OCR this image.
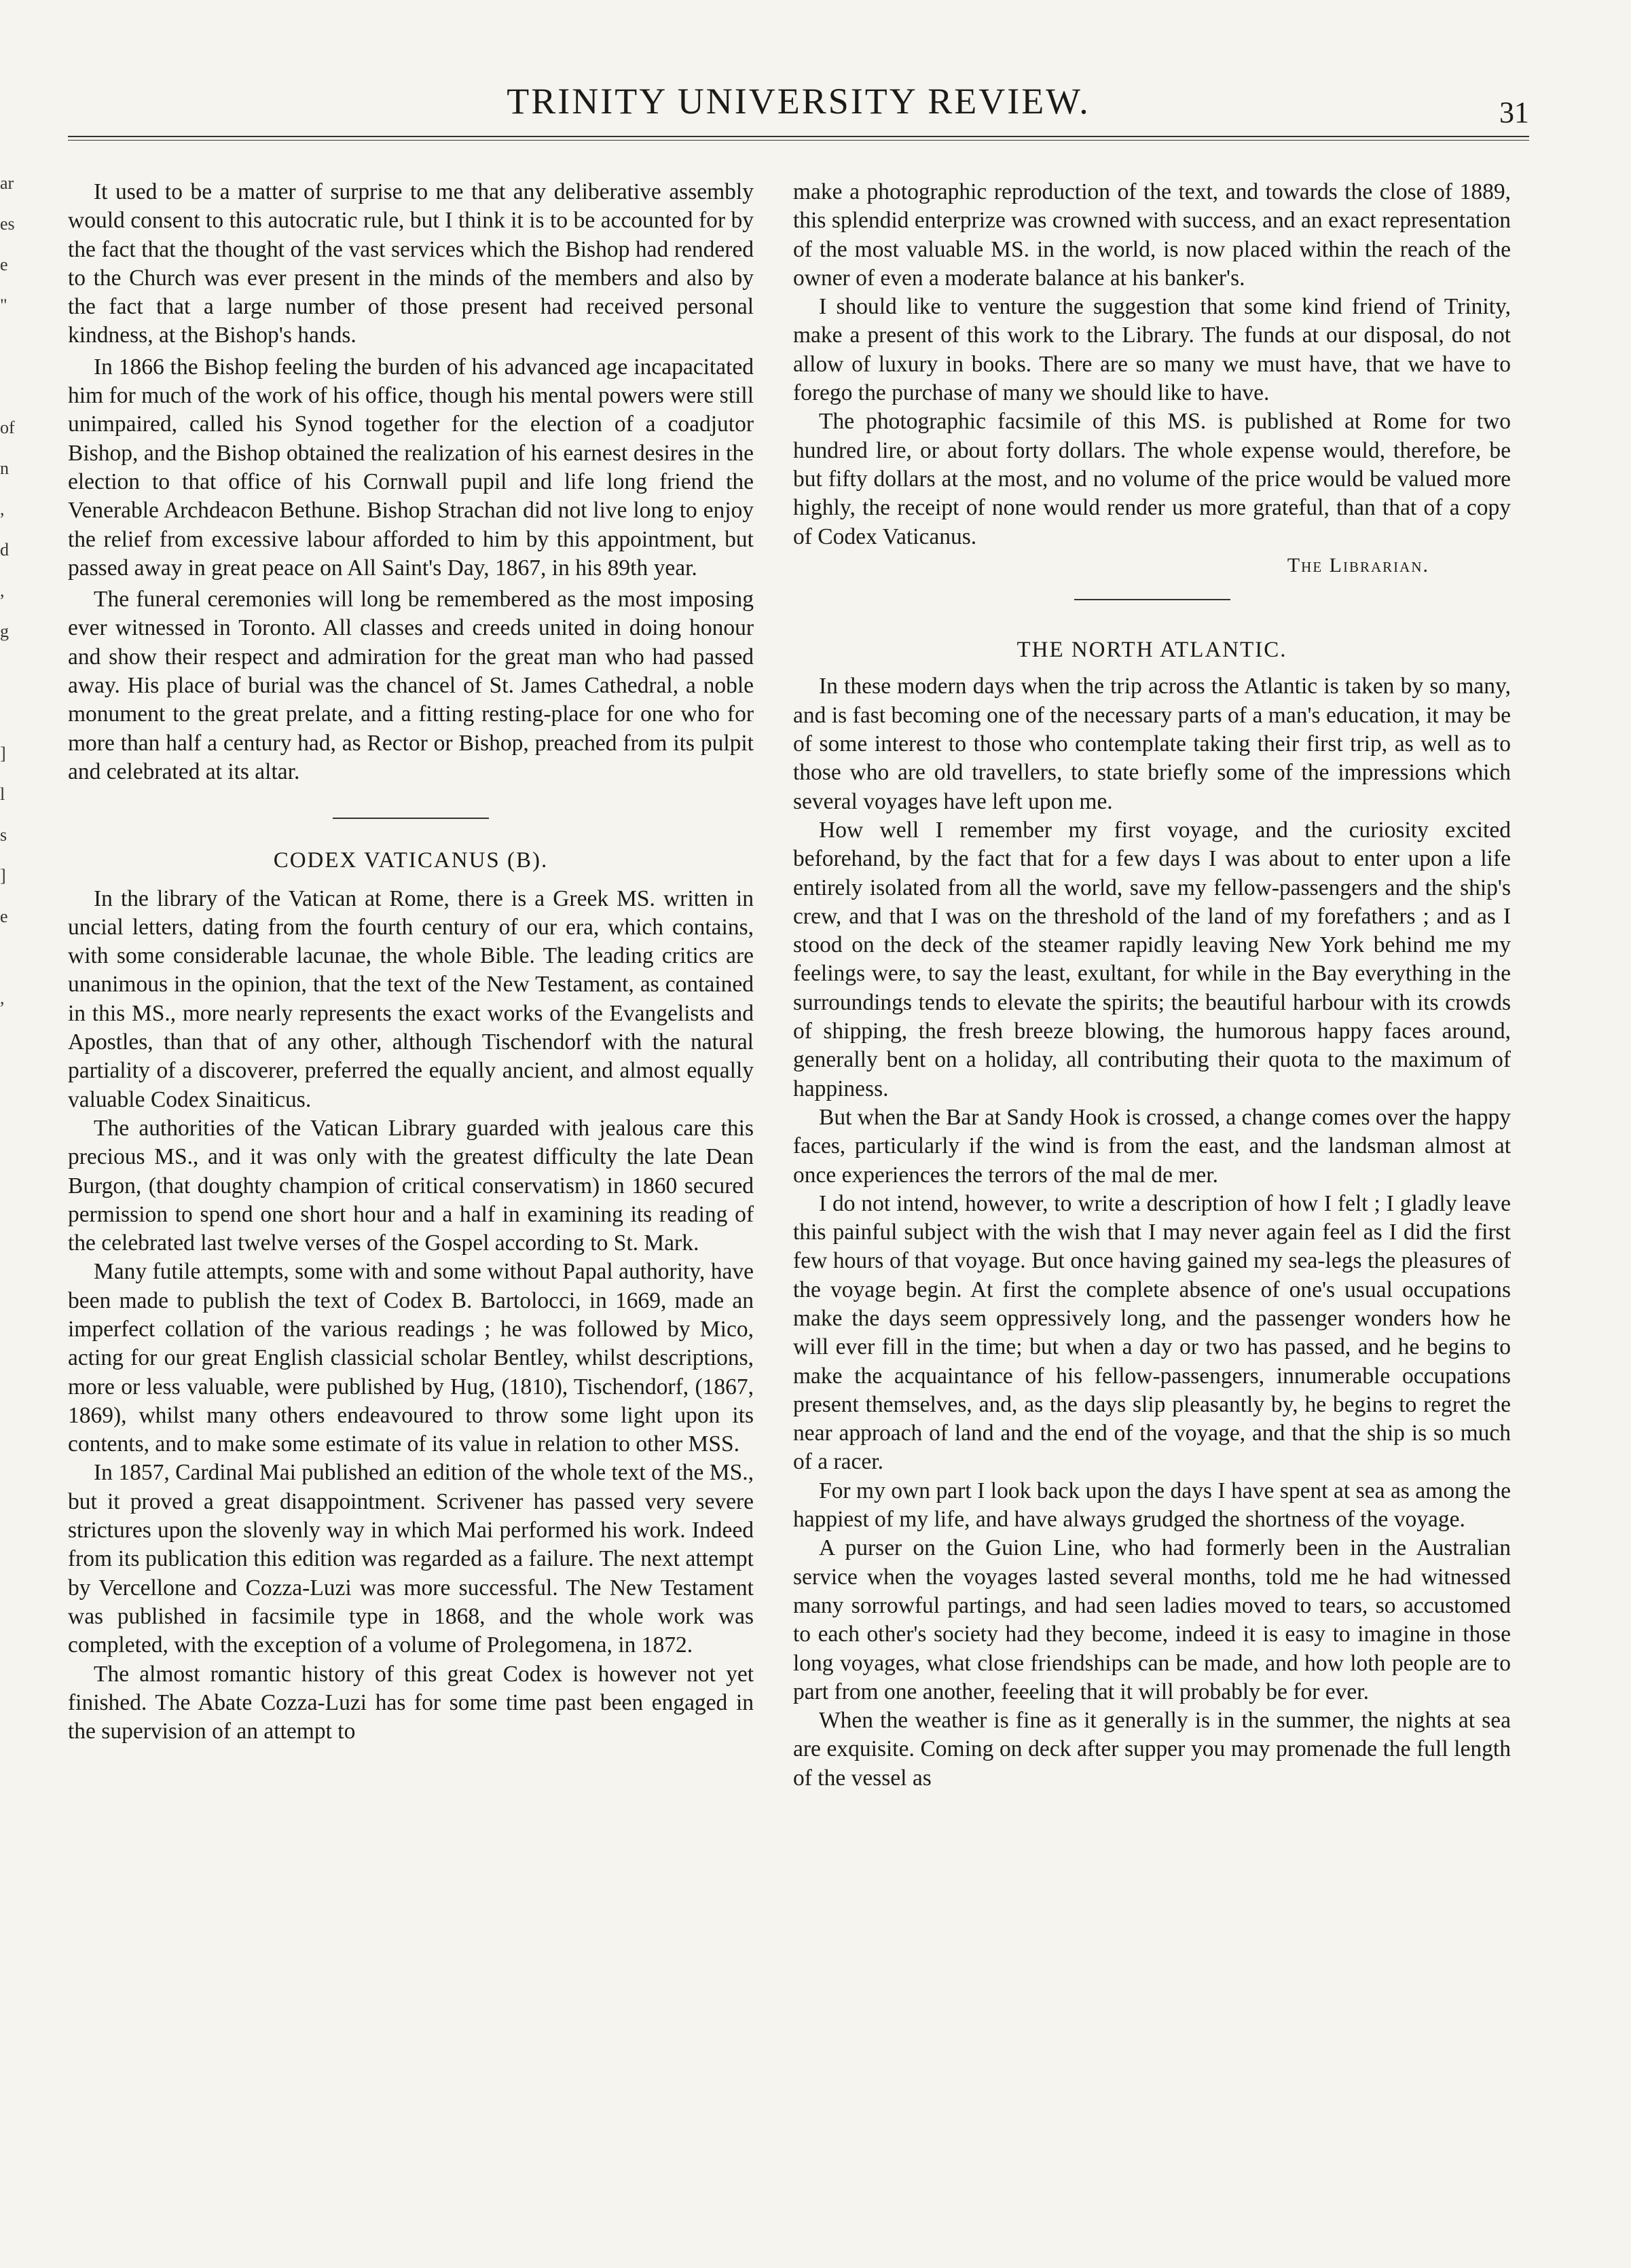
ar
es
e
"

of
n
,
d
,
g

]
l
s
]
e

,
TRINITY UNIVERSITY REVIEW.	31

It used to be a matter of surprise to me that any deliberative assembly would consent to this autocratic rule, but I think it is to be accounted for by the fact that the thought of the vast services which the Bishop had rendered to the Church was ever present in the minds of the members and also by the fact that a large number of those present had received personal kindness, at the Bishop's hands.

In 1866 the Bishop feeling the burden of his advanced age incapacitated him for much of the work of his office, though his mental powers were still unimpaired, called his Synod together for the election of a coadjutor Bishop, and the Bishop obtained the realization of his earnest desires in the election to that office of his Cornwall pupil and life long friend the Venerable Archdeacon Bethune. Bishop Strachan did not live long to enjoy the relief from excessive labour afforded to him by this appointment, but passed away in great peace on All Saint's Day, 1867, in his 89th year.

The funeral ceremonies will long be remembered as the most imposing ever witnessed in Toronto. All classes and creeds united in doing honour and show their respect and admiration for the great man who had passed away. His place of burial was the chancel of St. James Cathedral, a noble monument to the great prelate, and a fitting resting-place for one who for more than half a century had, as Rector or Bishop, preached from its pulpit and celebrated at its altar.

CODEX VATICANUS (B).

In the library of the Vatican at Rome, there is a Greek MS. written in uncial letters, dating from the fourth century of our era, which contains, with some considerable lacunae, the whole Bible. The leading critics are unanimous in the opinion, that the text of the New Testament, as contained in this MS., more nearly represents the exact works of the Evangelists and Apostles, than that of any other, although Tischendorf with the natural partiality of a discoverer, preferred the equally ancient, and almost equally valuable Codex Sinaiticus.

The authorities of the Vatican Library guarded with jealous care this precious MS., and it was only with the greatest difficulty the late Dean Burgon, (that doughty champion of critical conservatism) in 1860 secured permission to spend one short hour and a half in examining its reading of the celebrated last twelve verses of the Gospel according to St. Mark.

Many futile attempts, some with and some without Papal authority, have been made to publish the text of Codex B. Bartolocci, in 1669, made an imperfect collation of the various readings ; he was followed by Mico, acting for our great English classicial scholar Bentley, whilst descriptions, more or less valuable, were published by Hug, (1810), Tischendorf, (1867, 1869), whilst many others endeavoured to throw some light upon its contents, and to make some estimate of its value in relation to other MSS.

In 1857, Cardinal Mai published an edition of the whole text of the MS., but it proved a great disappointment. Scrivener has passed very severe strictures upon the slovenly way in which Mai performed his work. Indeed from its publication this edition was regarded as a failure. The next attempt by Vercellone and Cozza-Luzi was more successful. The New Testament was published in facsimile type in 1868, and the whole work was completed, with the exception of a volume of Prolegomena, in 1872.

The almost romantic history of this great Codex is however not yet finished. The Abate Cozza-Luzi has for some time past been engaged in the supervision of an attempt to

make a photographic reproduction of the text, and towards the close of 1889, this splendid enterprize was crowned with success, and an exact representation of the most valuable MS. in the world, is now placed within the reach of the owner of even a moderate balance at his banker's.

I should like to venture the suggestion that some kind friend of Trinity, make a present of this work to the Library. The funds at our disposal, do not allow of luxury in books. There are so many we must have, that we have to forego the purchase of many we should like to have.

The photographic facsimile of this MS. is published at Rome for two hundred lire, or about forty dollars. The whole expense would, therefore, be but fifty dollars at the most, and no volume of the price would be valued more highly, the receipt of none would render us more grateful, than that of a copy of Codex Vaticanus.

The Librarian.

THE NORTH ATLANTIC.

In these modern days when the trip across the Atlantic is taken by so many, and is fast becoming one of the necessary parts of a man's education, it may be of some interest to those who contemplate taking their first trip, as well as to those who are old travellers, to state briefly some of the impressions which several voyages have left upon me.

How well I remember my first voyage, and the curiosity excited beforehand, by the fact that for a few days I was about to enter upon a life entirely isolated from all the world, save my fellow-passengers and the ship's crew, and that I was on the threshold of the land of my forefathers ; and as I stood on the deck of the steamer rapidly leaving New York behind me my feelings were, to say the least, exultant, for while in the Bay everything in the surroundings tends to elevate the spirits; the beautiful harbour with its crowds of shipping, the fresh breeze blowing, the humorous happy faces around, generally bent on a holiday, all contributing their quota to the maximum of happiness.

But when the Bar at Sandy Hook is crossed, a change comes over the happy faces, particularly if the wind is from the east, and the landsman almost at once experiences the terrors of the mal de mer.

I do not intend, however, to write a description of how I felt ; I gladly leave this painful subject with the wish that I may never again feel as I did the first few hours of that voyage. But once having gained my sea-legs the pleasures of the voyage begin. At first the complete absence of one's usual occupations make the days seem oppressively long, and the passenger wonders how he will ever fill in the time; but when a day or two has passed, and he begins to make the acquaintance of his fellow-passengers, innumerable occupations present themselves, and, as the days slip pleasantly by, he begins to regret the near approach of land and the end of the voyage, and that the ship is so much of a racer.

For my own part I look back upon the days I have spent at sea as among the happiest of my life, and have always grudged the shortness of the voyage.

A purser on the Guion Line, who had formerly been in the Australian service when the voyages lasted several months, told me he had witnessed many sorrowful partings, and had seen ladies moved to tears, so accustomed to each other's society had they become, indeed it is easy to imagine in those long voyages, what close friendships can be made, and how loth people are to part from one another, feeeling that it will probably be for ever.

When the weather is fine as it generally is in the summer, the nights at sea are exquisite. Coming on deck after supper you may promenade the full length of the vessel as
